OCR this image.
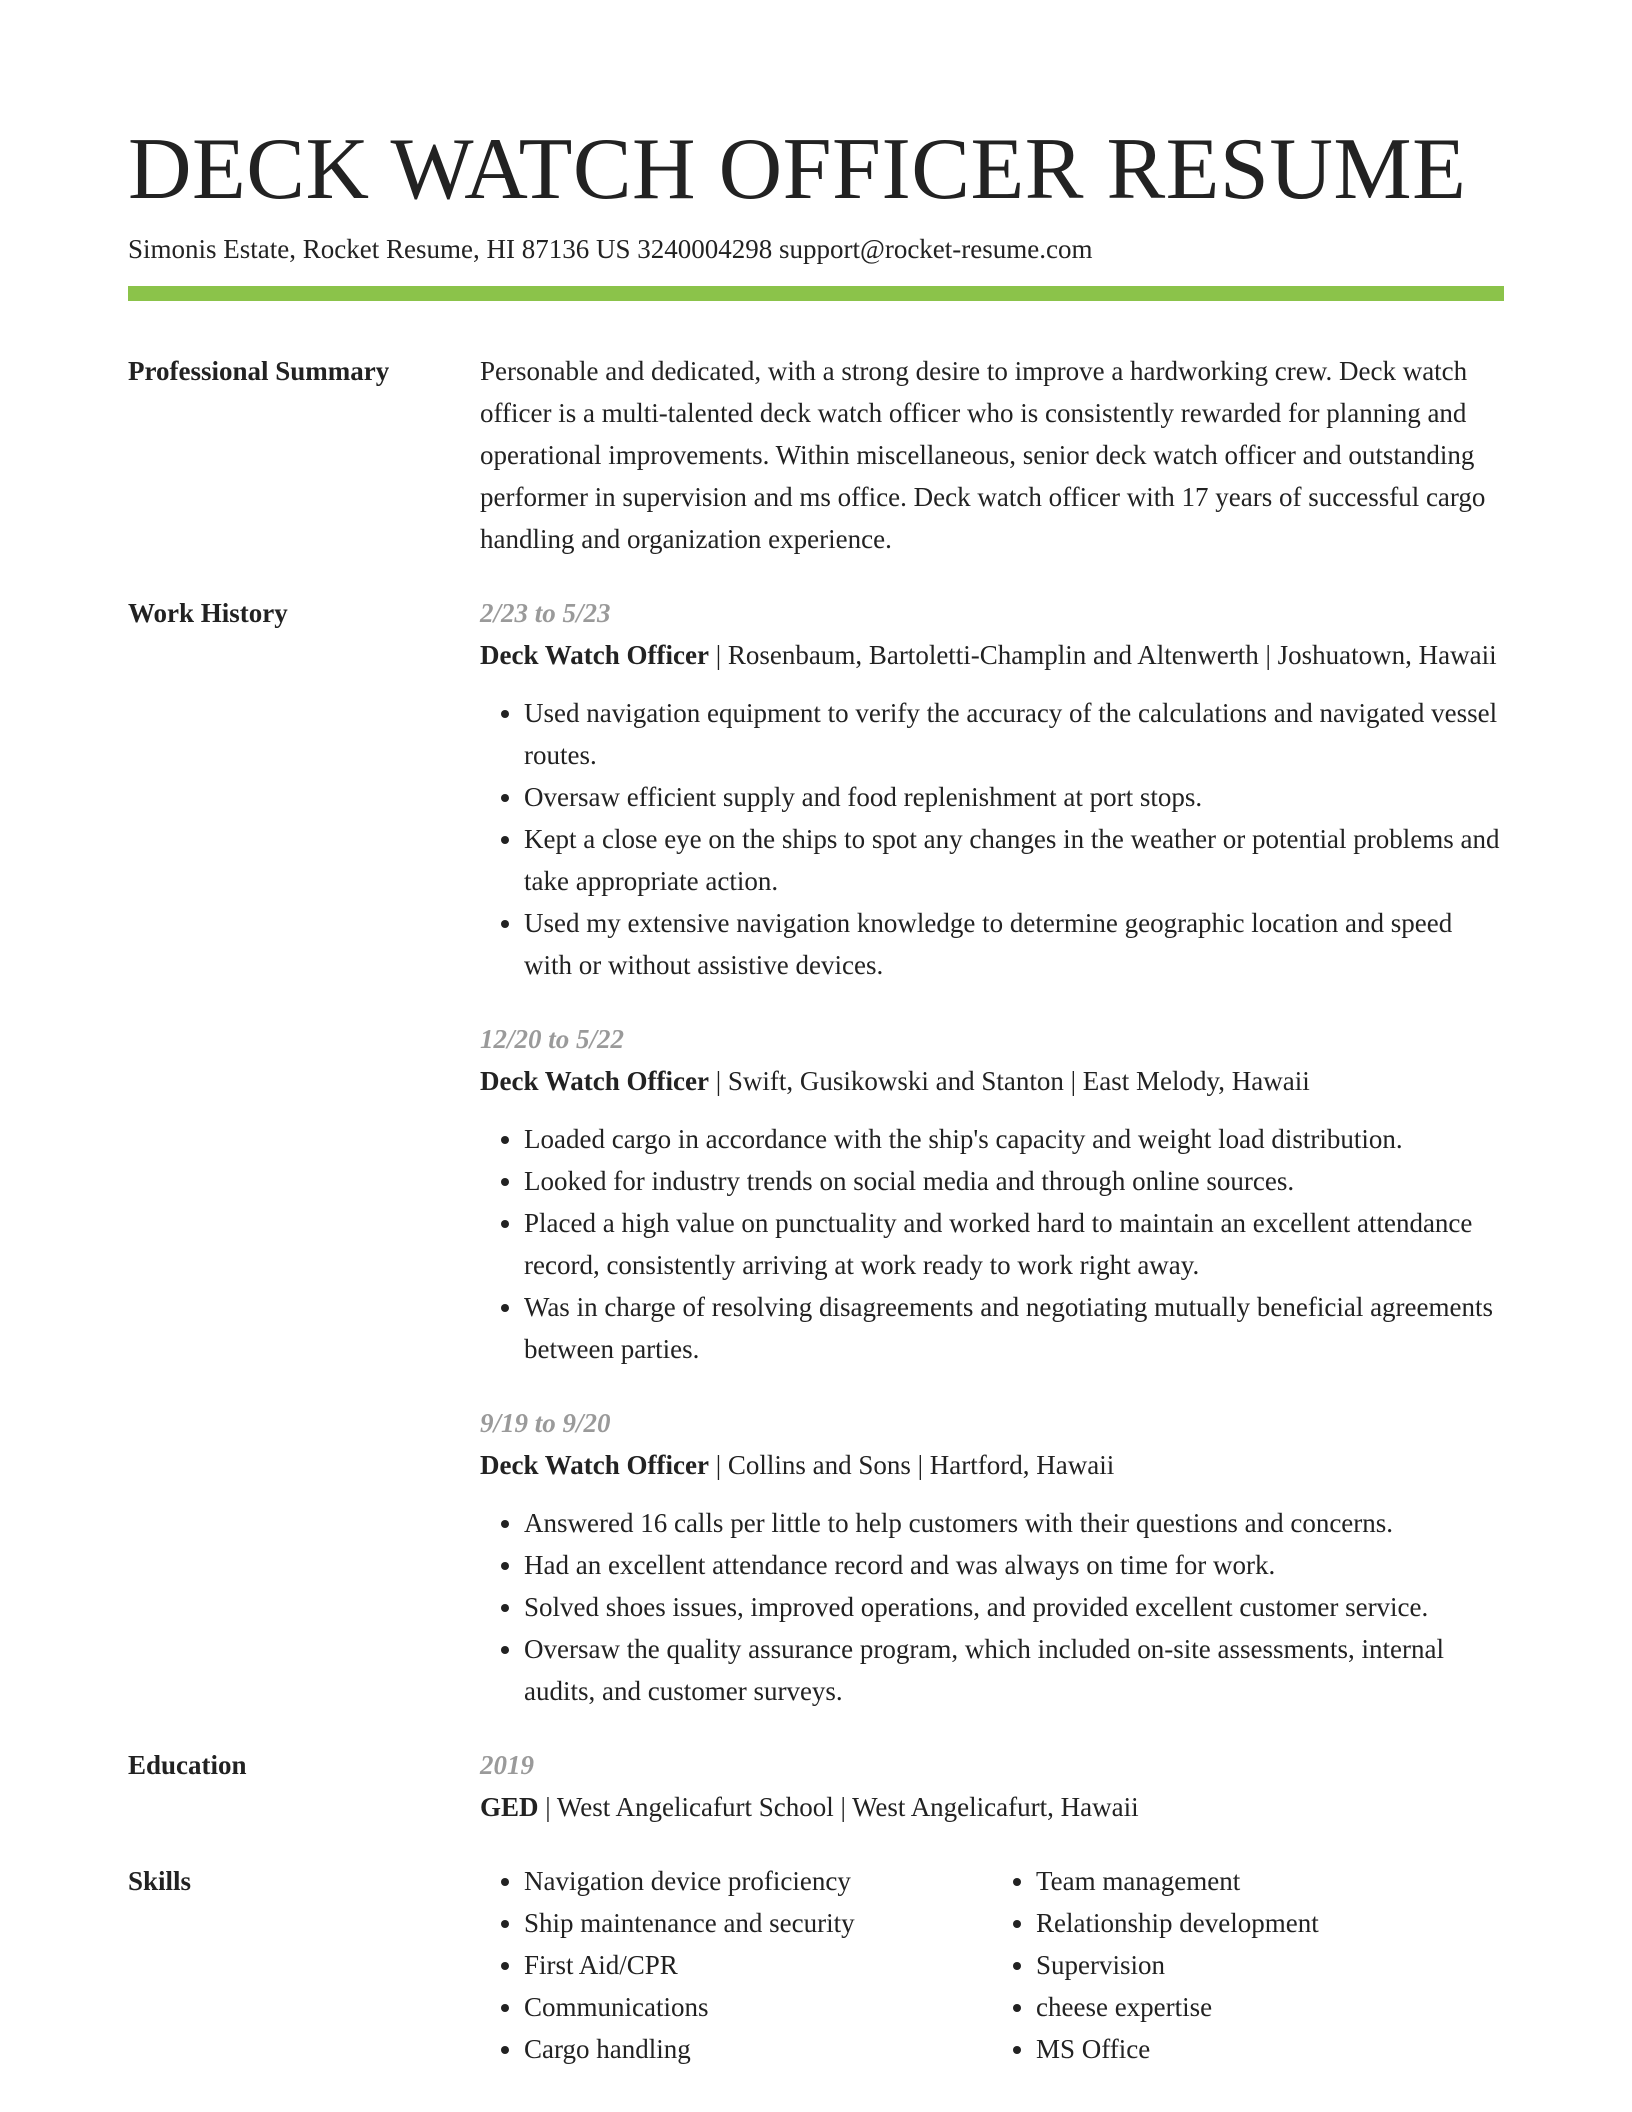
DECK WATCH OFFICER RESUME

Simonis Estate, Rocket Resume, HI 87136 US 3240004298 support@rocket-resume.com

Professional Summary	Personable and dedicated, with a strong desire to improve a hardworking crew. Deck watch officer is a multi-talented deck watch officer who is consistently rewarded for planning and operational improvements. Within miscellaneous, senior deck watch officer and outstanding performer in supervision and ms office. Deck watch officer with 17 years of successful cargo handling and organization experience.

Work History	2/23 to 5/23
Deck Watch Officer | Rosenbaum, Bartoletti-Champlin and Altenwerth | Joshuatown, Hawaii
• Used navigation equipment to verify the accuracy of the calculations and navigated vessel routes.
• Oversaw efficient supply and food replenishment at port stops.
• Kept a close eye on the ships to spot any changes in the weather or potential problems and take appropriate action.
• Used my extensive navigation knowledge to determine geographic location and speed with or without assistive devices.
12/20 to 5/22
Deck Watch Officer | Swift, Gusikowski and Stanton | East Melody, Hawaii
• Loaded cargo in accordance with the ship's capacity and weight load distribution.
• Looked for industry trends on social media and through online sources.
• Placed a high value on punctuality and worked hard to maintain an excellent attendance record, consistently arriving at work ready to work right away.
• Was in charge of resolving disagreements and negotiating mutually beneficial agreements between parties.
9/19 to 9/20
Deck Watch Officer | Collins and Sons | Hartford, Hawaii
• Answered 16 calls per little to help customers with their questions and concerns.
• Had an excellent attendance record and was always on time for work.
• Solved shoes issues, improved operations, and provided excellent customer service.
• Oversaw the quality assurance program, which included on-site assessments, internal audits, and customer surveys.
Education	2019
GED | West Angelicafurt School | West Angelicafurt, Hawaii
Skills
•	Navigation device proficiency
• Ship maintenance and security
• First Aid/CPR
• Communications
• Cargo handling
• Team management
• Relationship development
• Supervision
• cheese expertise
• MS Office
